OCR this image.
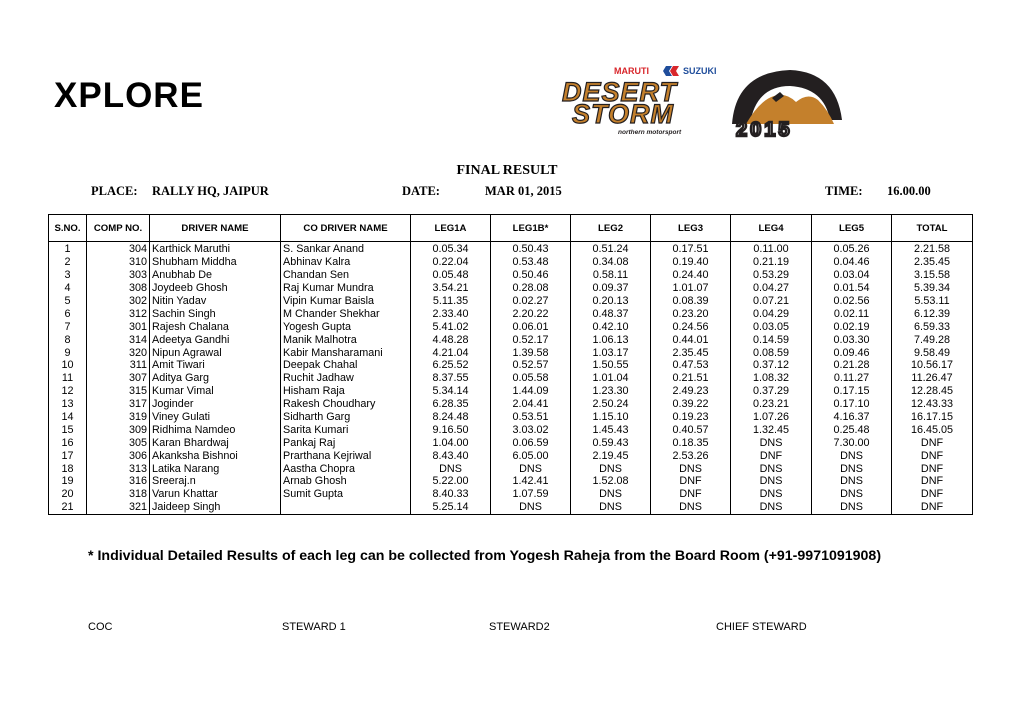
XPLORE
MARUTI	SUZUKI
DESERT
STORM
northern motorsport	2015
FINAL RESULT
PLACE: RALLY HQ, JAIPUR	DATE:	MAR 01, 2015	TIME: 16.00.00
S.NO.	COMP NO.	DRIVER NAME	CO DRIVER NAME	LEG1A	LEG1B*	LEG2	LEG3	LEG4	LEG5	TOTAL
1	304	Karthick Maruthi	S. Sankar Anand	0.05.34	0.50.43	0.51.24	0.17.51	0.11.00	0.05.26	2.21.58
2	310	Shubham Middha	Abhinav Kalra	0.22.04	0.53.48	0.34.08	0.19.40	0.21.19	0.04.46	2.35.45
3	303	Anubhab De	Chandan Sen	0.05.48	0.50.46	0.58.11	0.24.40	0.53.29	0.03.04	3.15.58
4	308	Joydeeb Ghosh	Raj Kumar Mundra	3.54.21	0.28.08	0.09.37	1.01.07	0.04.27	0.01.54	5.39.34
5	302	Nitin Yadav	Vipin Kumar Baisla	5.11.35	0.02.27	0.20.13	0.08.39	0.07.21	0.02.56	5.53.11
6	312	Sachin Singh	M Chander Shekhar	2.33.40	2.20.22	0.48.37	0.23.20	0.04.29	0.02.11	6.12.39
7	301	Rajesh Chalana	Yogesh Gupta	5.41.02	0.06.01	0.42.10	0.24.56	0.03.05	0.02.19	6.59.33
8	314	Adeetya Gandhi	Manik Malhotra	4.48.28	0.52.17	1.06.13	0.44.01	0.14.59	0.03.30	7.49.28
9	320	Nipun Agrawal	Kabir Mansharamani	4.21.04	1.39.58	1.03.17	2.35.45	0.08.59	0.09.46	9.58.49
10	311	Amit Tiwari	Deepak Chahal	6.25.52	0.52.57	1.50.55	0.47.53	0.37.12	0.21.28	10.56.17
11	307	Aditya Garg	Ruchit Jadhaw	8.37.55	0.05.58	1.01.04	0.21.51	1.08.32	0.11.27	11.26.47
12	315	Kumar Vimal	Hisham Raja	5.34.14	1.44.09	1.23.30	2.49.23	0.37.29	0.17.15	12.28.45
13	317	Joginder	Rakesh Choudhary	6.28.35	2.04.41	2.50.24	0.39.22	0.23.21	0.17.10	12.43.33
14	319	Viney Gulati	Sidharth Garg	8.24.48	0.53.51	1.15.10	0.19.23	1.07.26	4.16.37	16.17.15
15	309	Ridhima Namdeo	Sarita Kumari	9.16.50	3.03.02	1.45.43	0.40.57	1.32.45	0.25.48	16.45.05
16	305	Karan Bhardwaj	Pankaj Raj	1.04.00	0.06.59	0.59.43	0.18.35	DNS	7.30.00	DNF
17	306	Akanksha Bishnoi	Prarthana Kejriwal	8.43.40	6.05.00	2.19.45	2.53.26	DNF	DNS	DNF
18	313	Latika Narang	Aastha Chopra	DNS	DNS	DNS	DNS	DNS	DNS	DNF
19	316	Sreeraj.n	Arnab Ghosh	5.22.00	1.42.41	1.52.08	DNF	DNS	DNS	DNF
20	318	Varun Khattar	Sumit Gupta	8.40.33	1.07.59	DNS	DNF	DNS	DNS	DNF
21	321	Jaideep Singh		5.25.14	DNS	DNS	DNS	DNS	DNS	DNF
* Individual Detailed Results of each leg can be collected from Yogesh Raheja from the Board Room (+91-9971091908)
COC	STEWARD 1	STEWARD2	CHIEF STEWARD
